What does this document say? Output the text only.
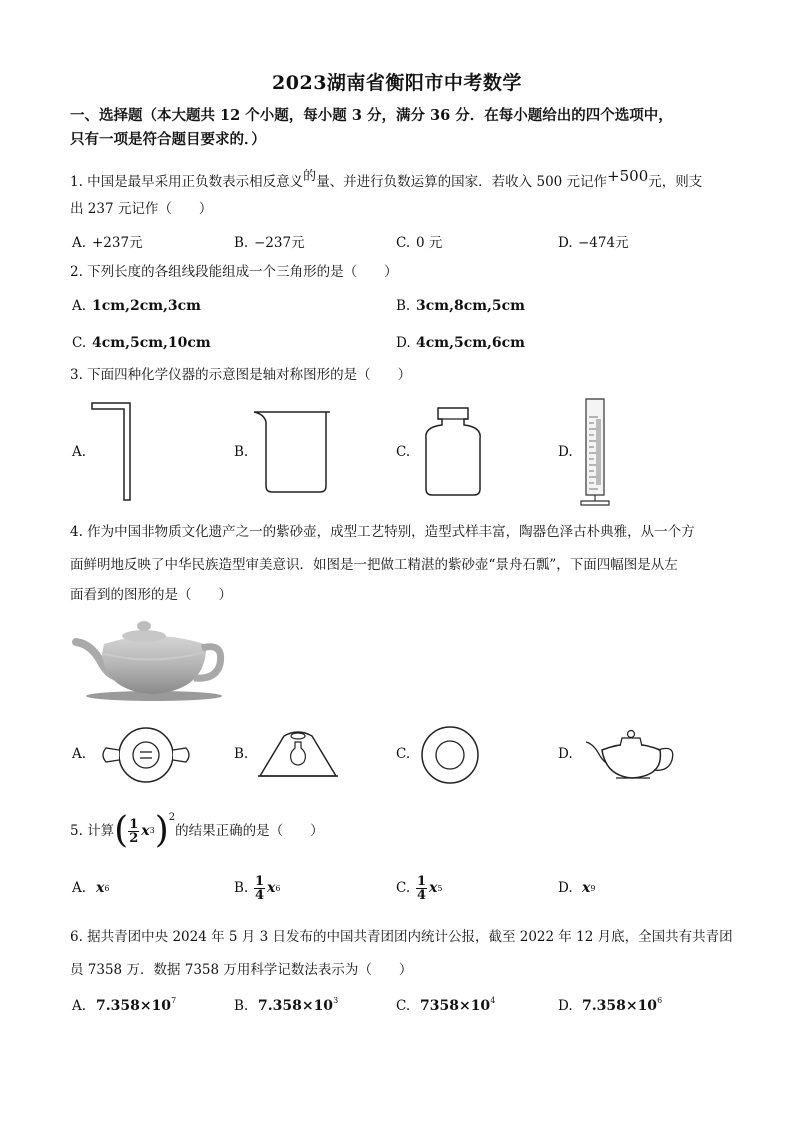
2023湖南省衡阳市中考数学
一、选择题（本大题共 12 个小题，每小题 3 分，满分 36 分．在每小题给出的四个选项中，
只有一项是符合题目要求的．）
1. 中国是最早采用正负数表示相反意义$^的$量、并进行负数运算的国家．若收入 500 元记作$^{+500}$元，则支
出 237 元记作（　　）
A. +237元	B. −237元	C. 0 元	D. −474元
2. 下列长度的各组线段能组成一个三角形的是（　　）
A. 1cm,2cm,3cm	B. 3cm,8cm,5cm
C. 4cm,5cm,10cm	D. 4cm,5cm,6cm
3. 下面四种化学仪器的示意图是轴对称图形的是（　　）
A.	B.	C.	D.
4. 作为中国非物质文化遗产之一的紫砂壶，成型工艺特别，造型式样丰富，陶器色泽古朴典雅，从一个方
面鲜明地反映了中华民族造型审美意识．如图是一把做工精湛的紫砂壶“景舟石瓢”，下面四幅图是从左
面看到的图形的是（　　）
A.	B.	C.	D.
5. 计算 ( $\frac{1}{2}$ x 3 )$^2$
的结果正确的是（　　）
A. x 6	B. $\frac{1}{4}$ x 6	C. $\frac{1}{4}$ x 5	D. x 9
6. 据共青团中央 2024 年 5 月 3 日发布的中国共青团团内统计公报，截至 2022 年 12 月底，全国共有共青团
员 7358 万．数据 7358 万用科学记数法表示为（　　）
A. $7.358\times 10^7$	B. $7.358\times 10^3$	C. $7358\times 10^4$	D. $7.358\times 10^6$
